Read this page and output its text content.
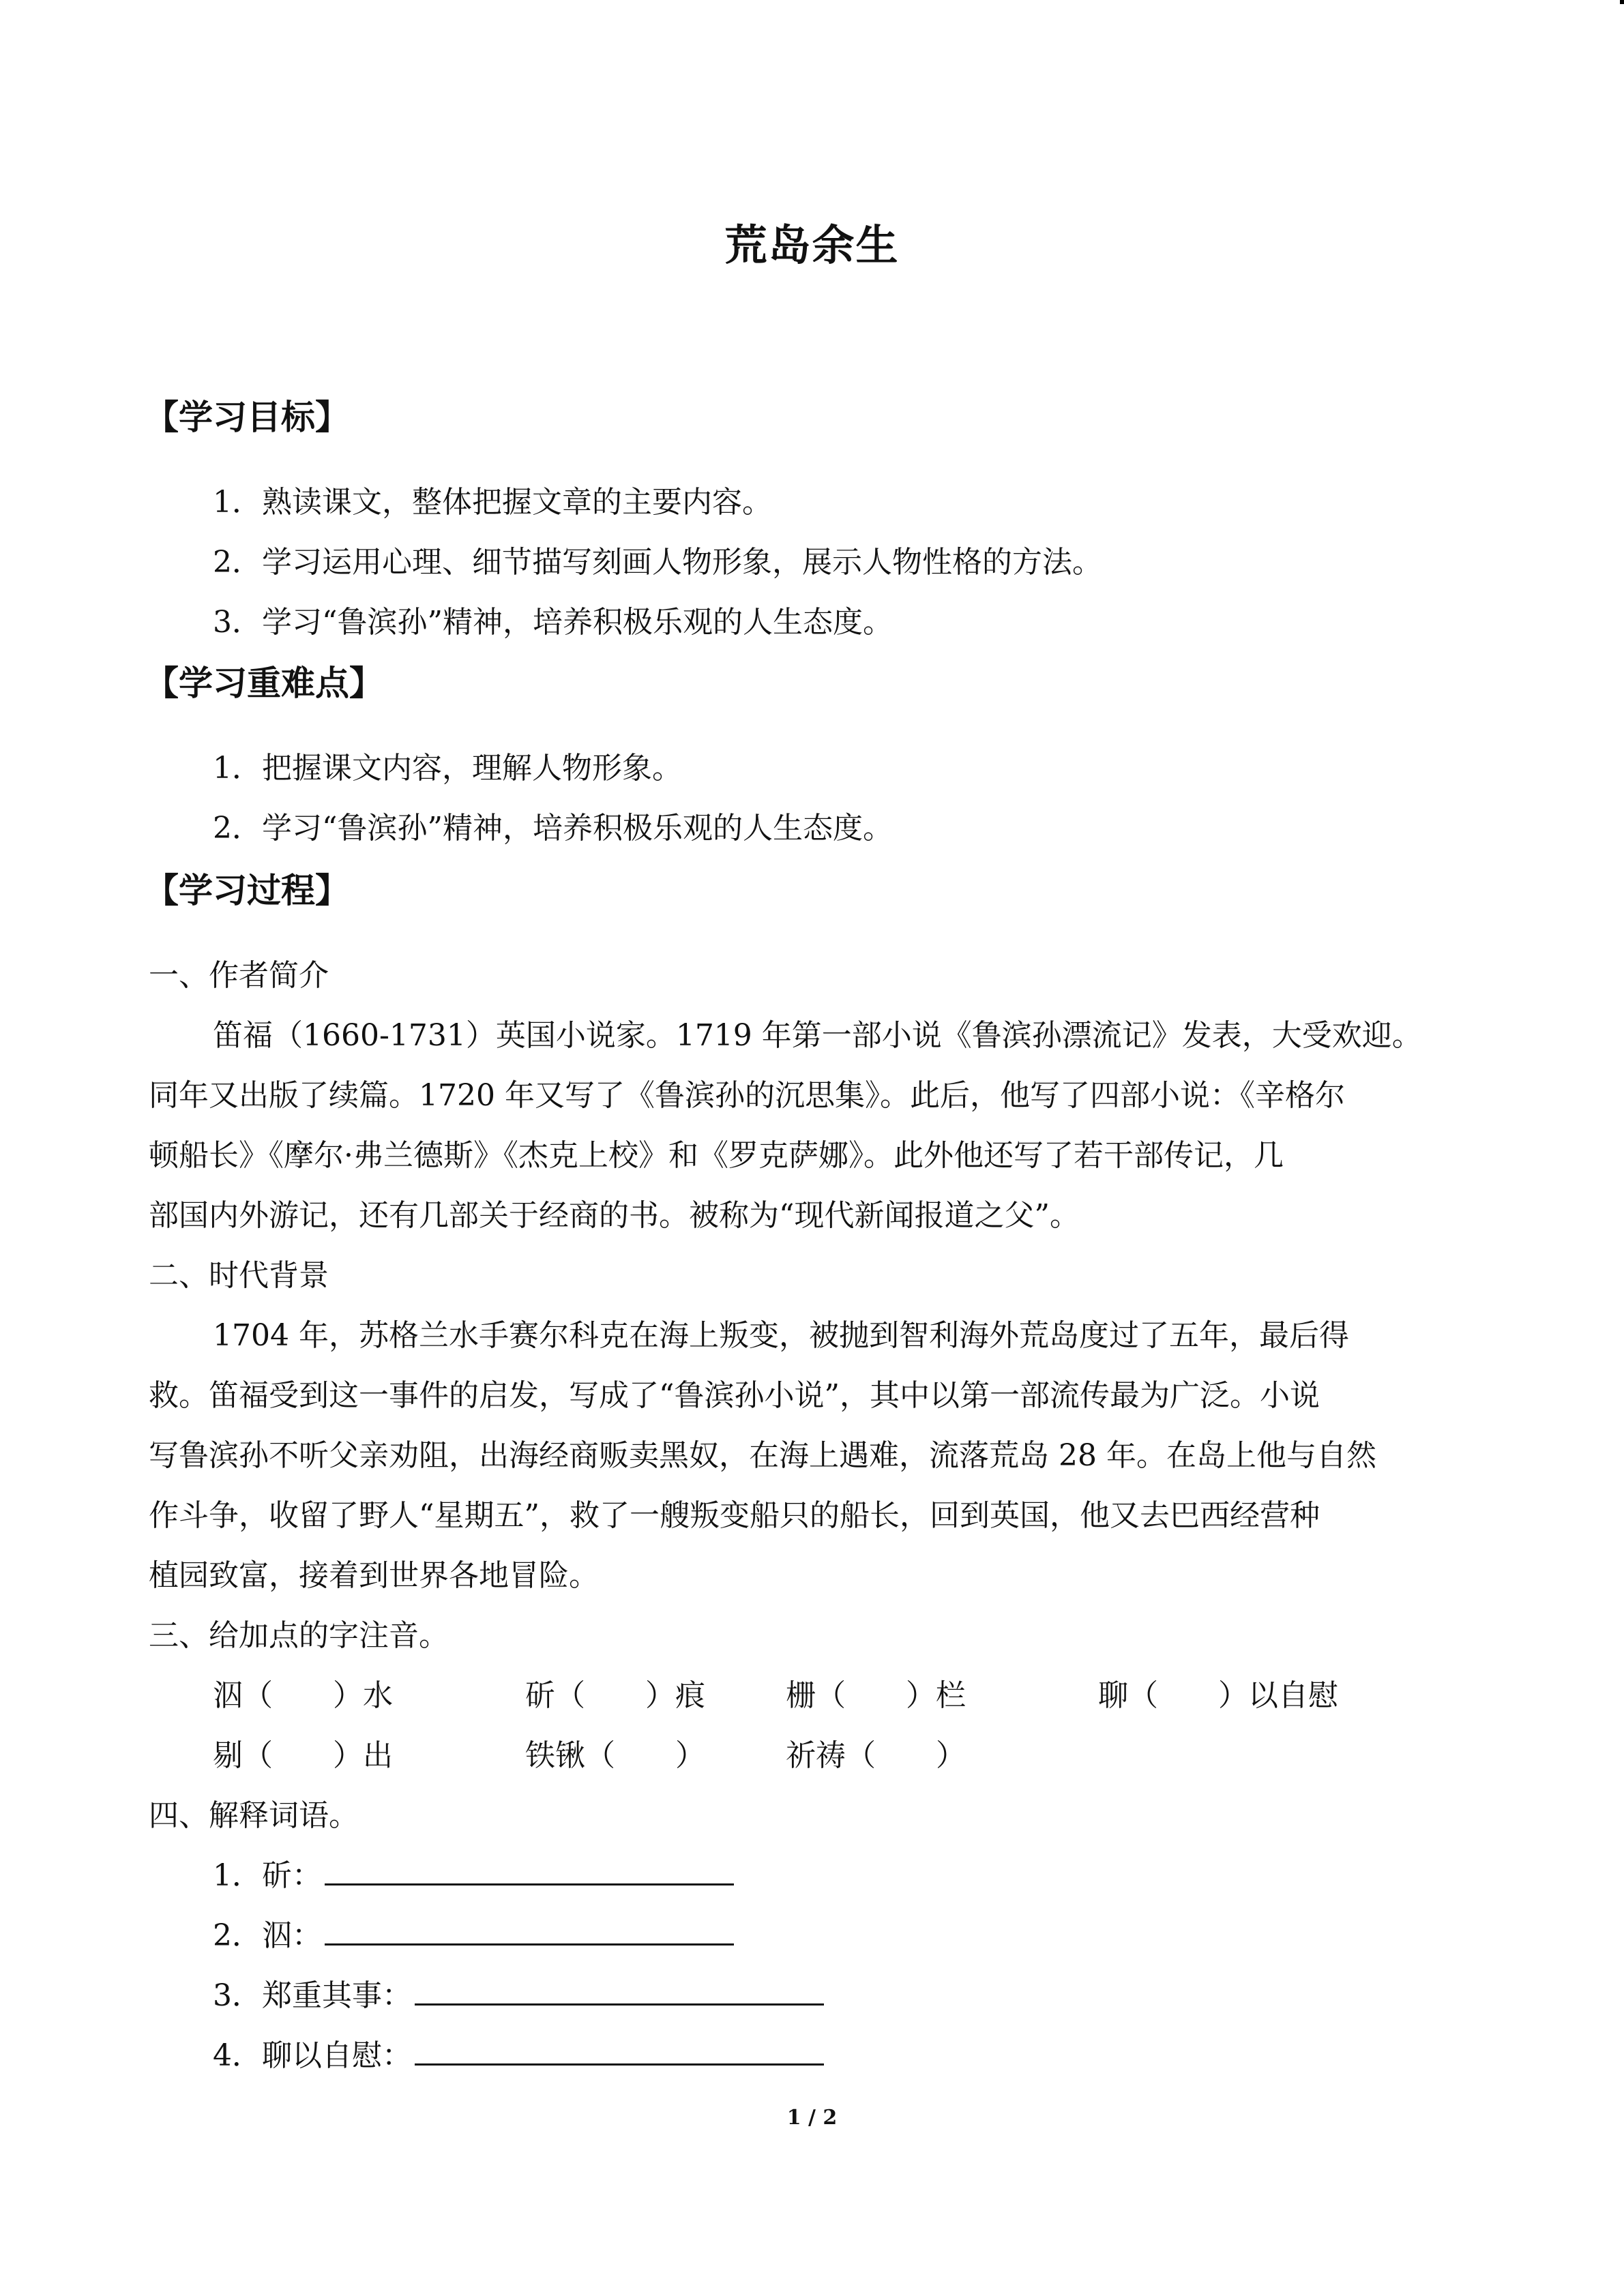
荒岛余生
【学习目标】
1．熟读课文，整体把握文章的主要内容。
2．学习运用心理、细节描写刻画人物形象，展示人物性格的方法。
3．学习“鲁滨孙”精神，培养积极乐观的人生态度。
【学习重难点】
1．把握课文内容，理解人物形象。
2．学习“鲁滨孙”精神，培养积极乐观的人生态度。
【学习过程】
一、作者简介
笛福（1660-1731）英国小说家。1719 年第一部小说《鲁滨孙漂流记》发表，大受欢迎。
同年又出版了续篇。1720 年又写了《鲁滨孙的沉思集》。此后，他写了四部小说：《辛格尔
顿船长》《摩尔·弗兰德斯》《杰克上校》和《罗克萨娜》。此外他还写了若干部传记，几
部国内外游记，还有几部关于经商的书。被称为“现代新闻报道之父”。
二、时代背景
1704 年，苏格兰水手赛尔科克在海上叛变，被抛到智利海外荒岛度过了五年，最后得
救。笛福受到这一事件的启发，写成了“鲁滨孙小说”，其中以第一部流传最为广泛。小说
写鲁滨孙不听父亲劝阻，出海经商贩卖黑奴，在海上遇难，流落荒岛 28 年。在岛上他与自然
作斗争，收留了野人“星期五”，救了一艘叛变船只的船长，回到英国，他又去巴西经营种
植园致富，接着到世界各地冒险。
三、给加点的字注音。
泅（　　）水	斫（　　）痕	栅（　　）栏	聊（　　）以自慰
剔（　　）出	铁锹（　　）	祈祷（　　）
四、解释词语。
1．斫：
2．泅：
3．郑重其事：
4．聊以自慰：
1 / 2
